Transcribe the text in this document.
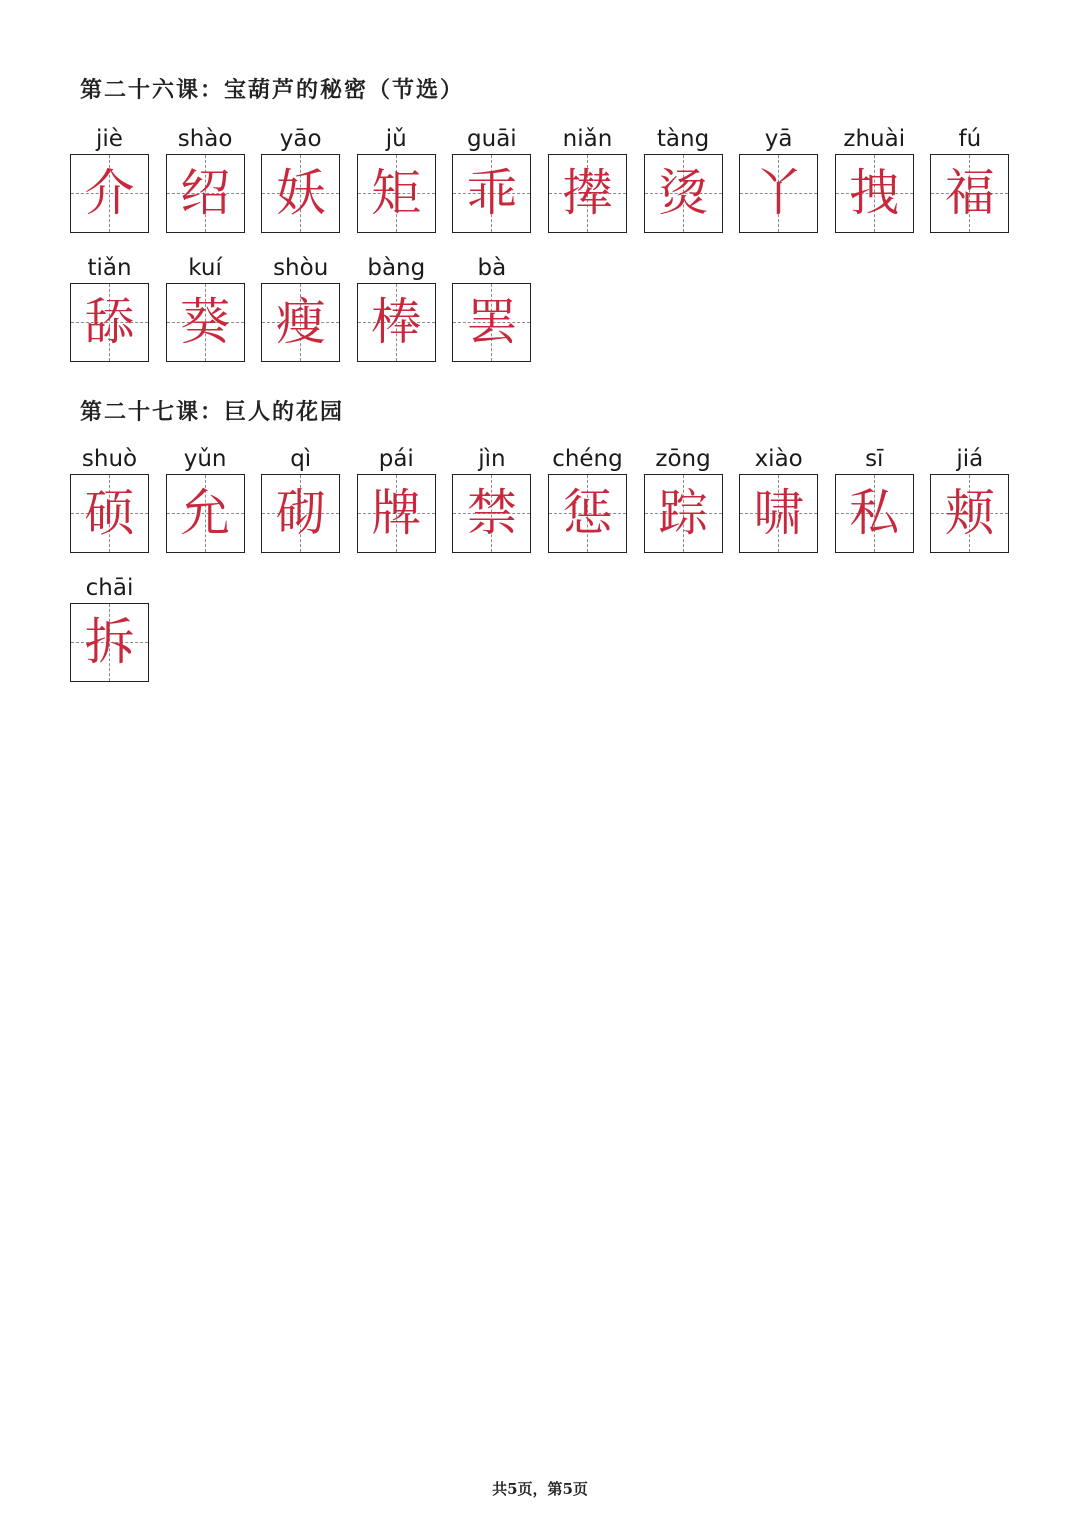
第二十六课：宝葫芦的秘密（节选）
jiè
介
shào
绍
yāo
妖
jǔ
矩
guāi
乖
niǎn
撵
tàng
烫
yā
丫
zhuài
拽
fú
福
tiǎn
舔
kuí
葵
shòu
瘦
bàng
棒
bà
罢
第二十七课：巨人的花园
shuò
硕
yǔn
允
qì
砌
pái
牌
jìn
禁
chéng
惩
zōng
踪
xiào
啸
sī
私
jiá
颊
chāi
拆
共5页，第5页
